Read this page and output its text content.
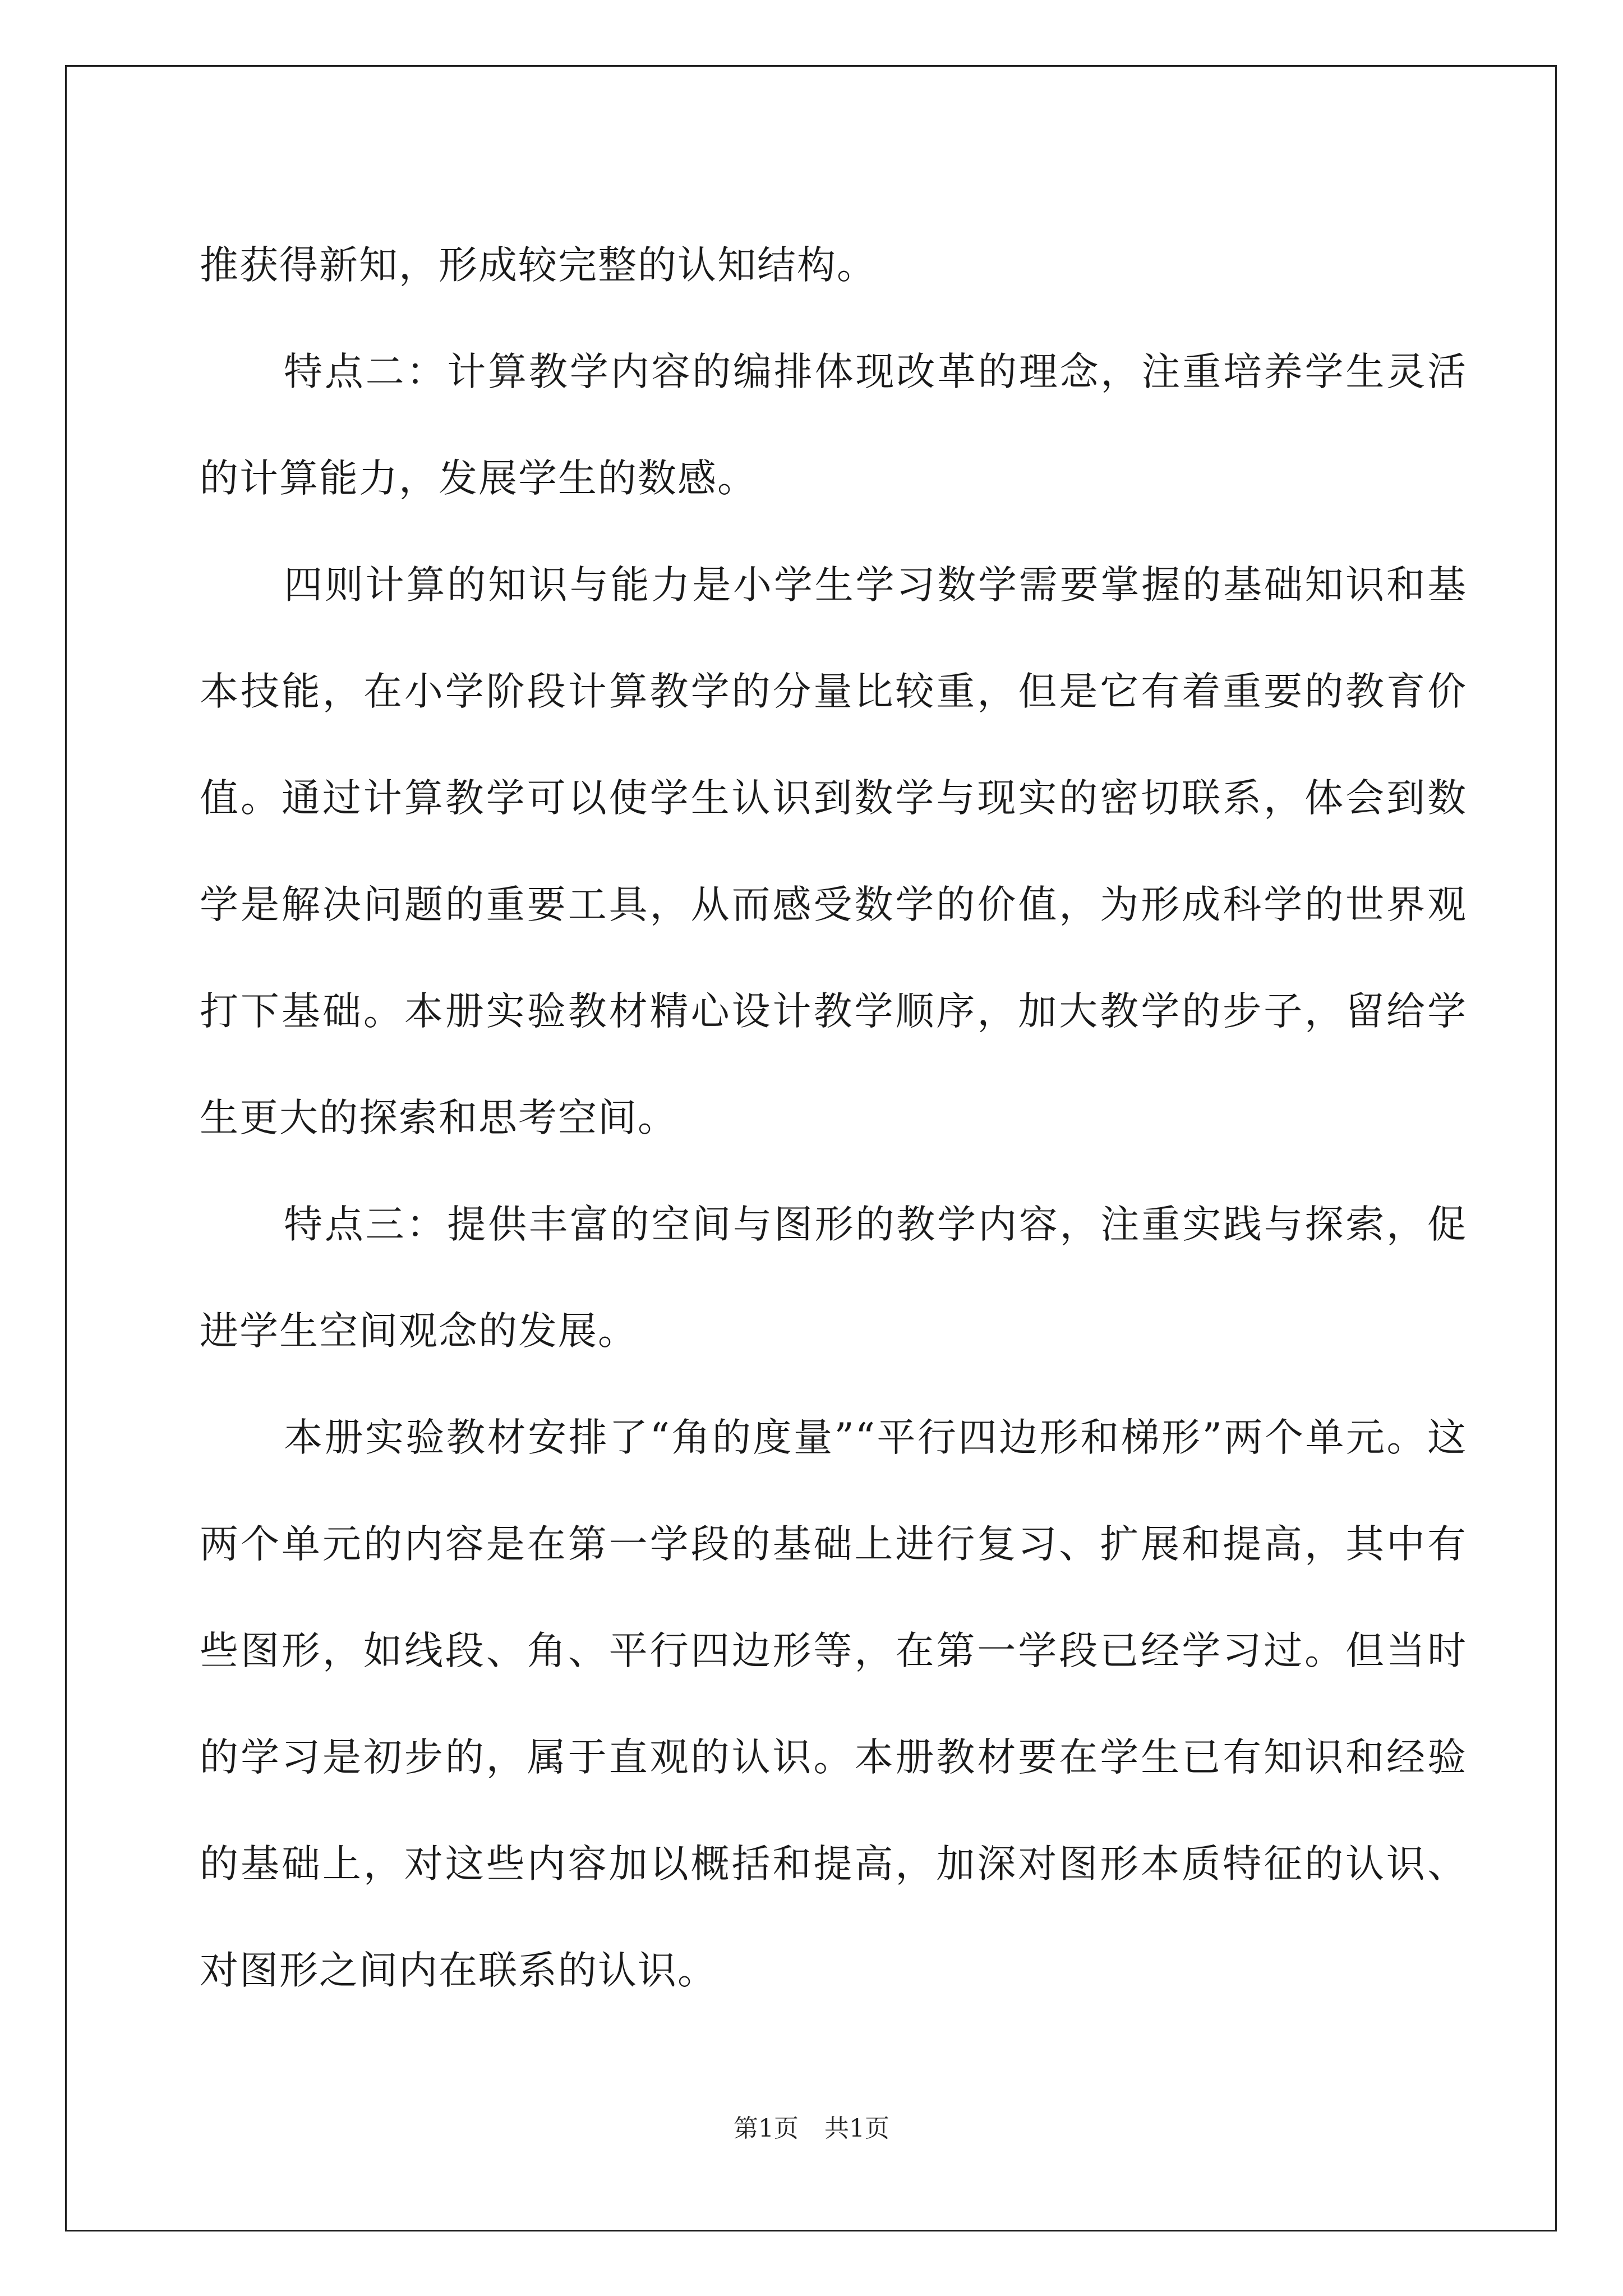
推获得新知，形成较完整的认知结构。

特点二：计算教学内容的编排体现改革的理念，注重培养学生灵活的计算能力，发展学生的数感。

四则计算的知识与能力是小学生学习数学需要掌握的基础知识和基本技能，在小学阶段计算教学的分量比较重，但是它有着重要的教育价值。通过计算教学可以使学生认识到数学与现实的密切联系，体会到数学是解决问题的重要工具，从而感受数学的价值，为形成科学的世界观打下基础。本册实验教材精心设计教学顺序，加大教学的步子，留给学生更大的探索和思考空间。

特点三：提供丰富的空间与图形的教学内容，注重实践与探索，促进学生空间观念的发展。

本册实验教材安排了“角的度量”“平行四边形和梯形”两个单元。这两个单元的内容是在第一学段的基础上进行复习、扩展和提高，其中有些图形，如线段、角、平行四边形等，在第一学段已经学习过。但当时的学习是初步的，属于直观的认识。本册教材要在学生已有知识和经验的基础上，对这些内容加以概括和提高，加深对图形本质特征的认识、对图形之间内在联系的认识。

第1页 共1页
